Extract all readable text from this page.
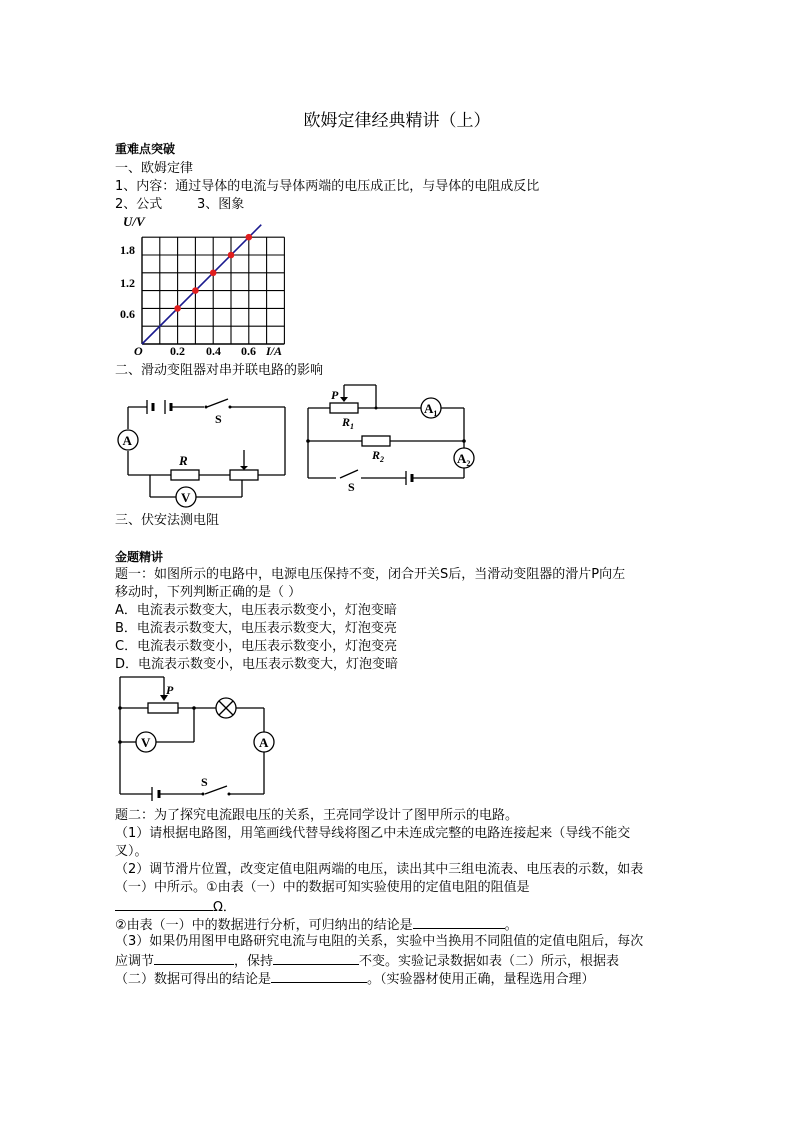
欧姆定律经典精讲（上）
重难点突破
一、欧姆定律
1、内容：通过导体的电流与导体两端的电压成正比，与导体的电阻成反比
2、公式	3、图象
U/V
O
1.8
1.2
0.6
0.2 0.4 0.6 I/A
二、滑动变阻器对串并联电路的影响
A
V
S
R
$A_1$
$A_2$
P
$R_1$
$R_2$
S
三、伏安法测电阻
金题精讲
题一：如图所示的电路中，电源电压保持不变，闭合开关S后，当滑动变阻器的滑片P向左
移动时，下列判断正确的是（ ）
A．电流表示数变大，电压表示数变小，灯泡变暗
B．电流表示数变大，电压表示数变大，灯泡变亮
C．电流表示数变小，电压表示数变小，灯泡变亮
D．电流表示数变小，电压表示数变大，灯泡变暗
V	A
P
S
题二：为了探究电流跟电压的关系，王亮同学设计了图甲所示的电路。
（1）请根据电路图，用笔画线代替导线将图乙中未连成完整的电路连接起来（导线不能交
叉）。
（2）调节滑片位置，改变定值电阻两端的电压，读出其中三组电流表、电压表的示数，如表
（一）中所示。①由表（一）中的数据可知实验使用的定值电阻的阻值是
Ω．
②由表（一）中的数据进行分析，可归纳出的结论是	。
（3）如果仍用图甲电路研究电流与电阻的关系，实验中当换用不同阻值的定值电阻后，每次
应调节	，保持	不变。实验记录数据如表（二）所示，根据表
（二）数据可得出的结论是	。（实验器材使用正确，量程选用合理）
